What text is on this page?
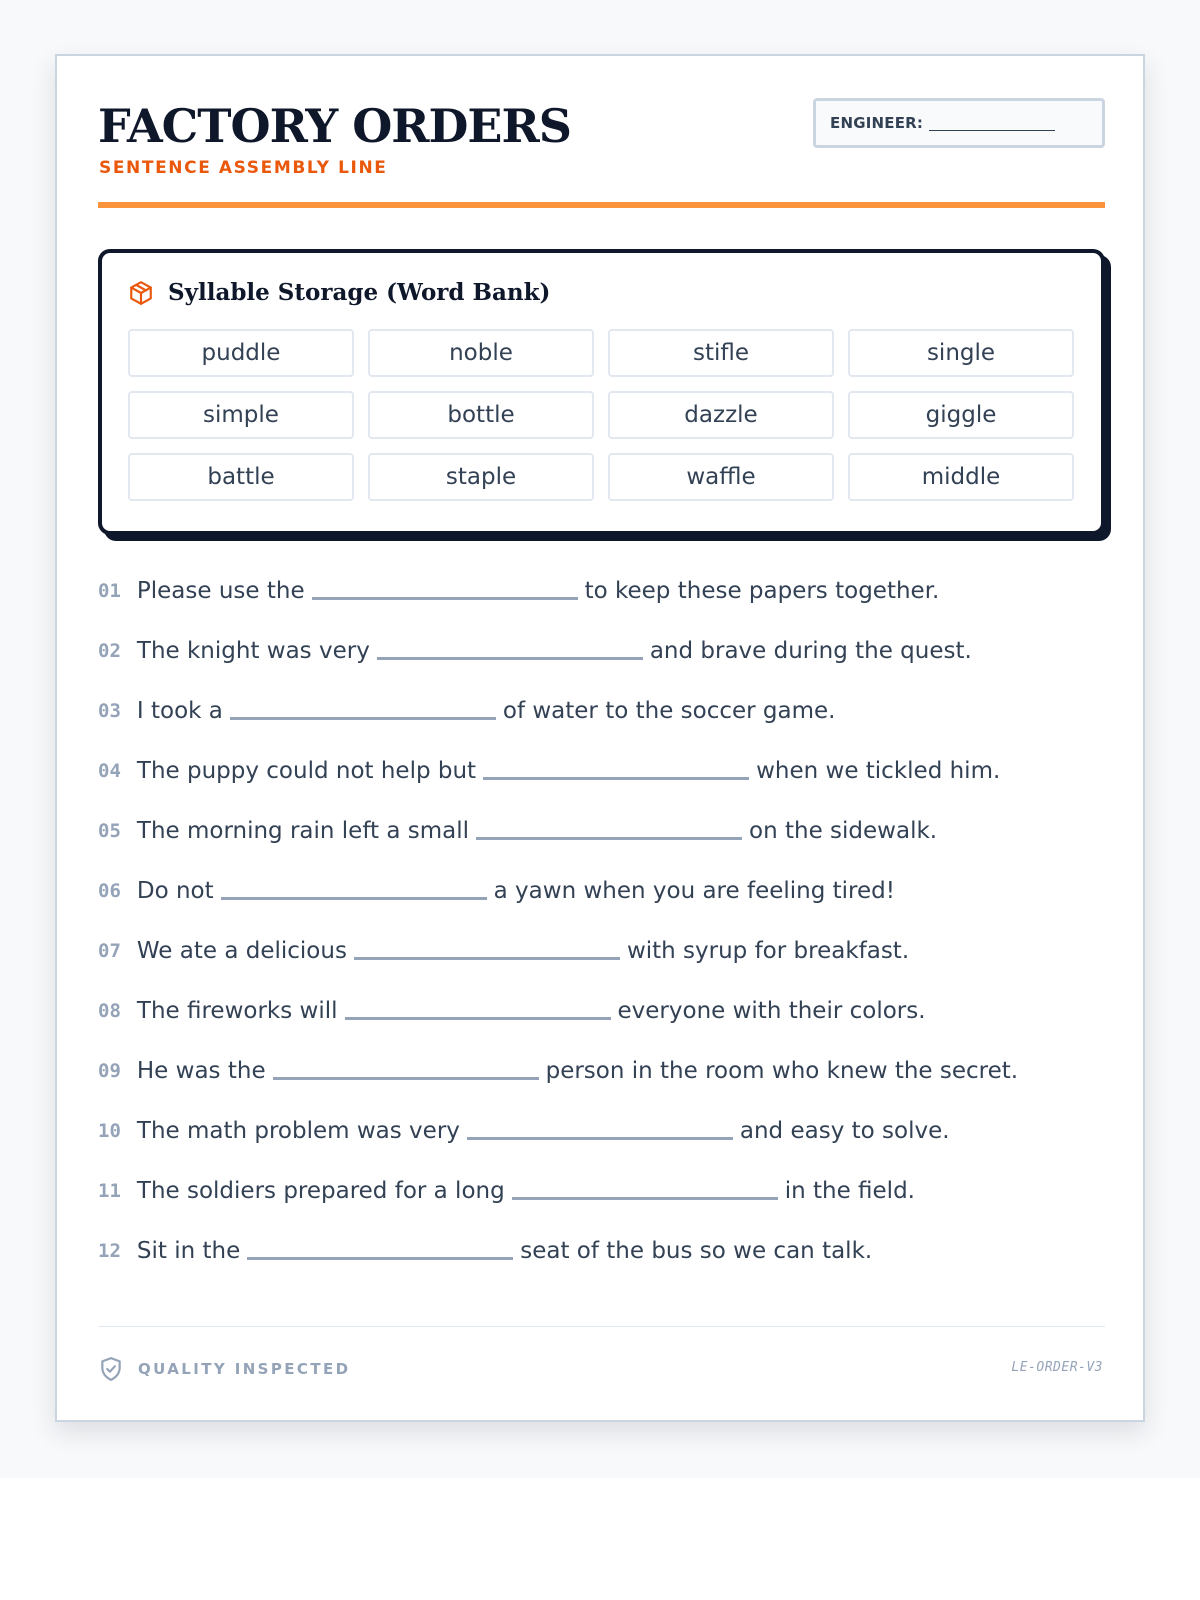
FACTORY ORDERS
SENTENCE ASSEMBLY LINE
ENGINEER:
Syllable Storage (Word Bank)
puddle	noble	stifle	single
simple	bottle	dazzle	giggle
battle	staple	waffle	middle
01 Please use the	to keep these papers together.
02 The knight was very	and brave during the quest.
03 I took a	of water to the soccer game.
04 The puppy could not help but	when we tickled him.
05 The morning rain left a small	on the sidewalk.
06 Do not	a yawn when you are feeling tired!
07 We ate a delicious	with syrup for breakfast.
08 The fireworks will	everyone with their colors.
09 He was the	person in the room who knew the secret.
10 The math problem was very	and easy to solve.
11 The soldiers prepared for a long	in the field.
12 Sit in the	seat of the bus so we can talk.
QUALITY INSPECTED	LE-ORDER-V3
